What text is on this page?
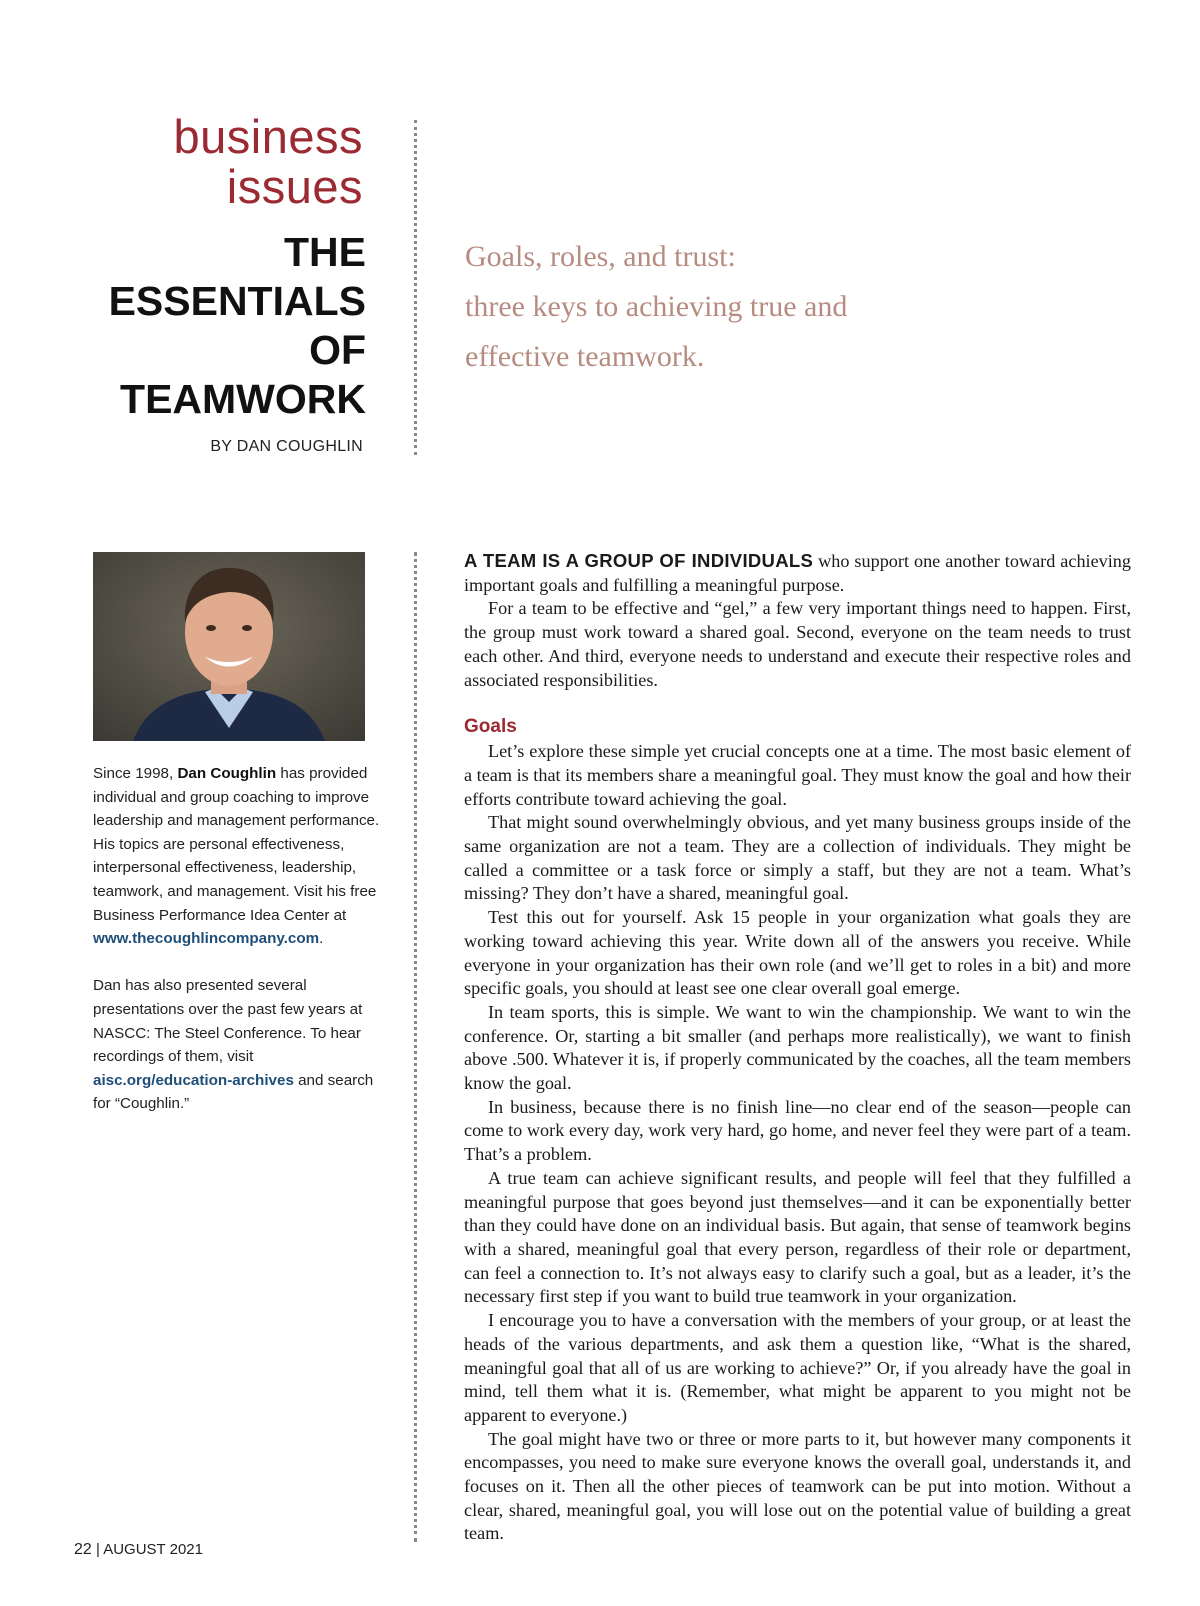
business
issues
THE
ESSENTIALS
OF
TEAMWORK
BY DAN COUGHLIN
Goals, roles, and trust:
three keys to achieving true and
effective teamwork.

Since 1998, Dan Coughlin has provided individual and group coaching to improve leadership and management performance. His topics are personal effectiveness, interpersonal effectiveness, leadership, teamwork, and management. Visit his free Business Performance Idea Center at www.thecoughlincompany.com.

Dan has also presented several presentations over the past few years at NASCC: The Steel Conference. To hear recordings of them, visit aisc.org/education-archives and search for “Coughlin.”

A TEAM IS A GROUP OF INDIVIDUALS who support one another toward achieving important goals and fulfilling a meaningful purpose.

For a team to be effective and “gel,” a few very important things need to happen. First, the group must work toward a shared goal. Second, everyone on the team needs to trust each other. And third, everyone needs to understand and execute their respective roles and associated responsibilities.

Goals

Let’s explore these simple yet crucial concepts one at a time. The most basic element of a team is that its members share a meaningful goal. They must know the goal and how their efforts contribute toward achieving the goal.

That might sound overwhelmingly obvious, and yet many business groups inside of the same organization are not a team. They are a collection of individuals. They might be called a committee or a task force or simply a staff, but they are not a team. What’s missing? They don’t have a shared, meaningful goal.

Test this out for yourself. Ask 15 people in your organization what goals they are working toward achieving this year. Write down all of the answers you receive. While everyone in your organization has their own role (and we’ll get to roles in a bit) and more specific goals, you should at least see one clear overall goal emerge.

In team sports, this is simple. We want to win the championship. We want to win the conference. Or, starting a bit smaller (and perhaps more realistically), we want to finish above .500. Whatever it is, if properly communicated by the coaches, all the team members know the goal.

In business, because there is no finish line—no clear end of the season—people can come to work every day, work very hard, go home, and never feel they were part of a team. That’s a problem.

A true team can achieve significant results, and people will feel that they fulfilled a meaningful purpose that goes beyond just themselves—and it can be exponentially better than they could have done on an individual basis. But again, that sense of teamwork begins with a shared, meaningful goal that every person, regardless of their role or department, can feel a connection to. It’s not always easy to clarify such a goal, but as a leader, it’s the necessary first step if you want to build true teamwork in your organization.

I encourage you to have a conversation with the members of your group, or at least the heads of the various departments, and ask them a question like, “What is the shared, meaningful goal that all of us are working to achieve?” Or, if you already have the goal in mind, tell them what it is. (Remember, what might be apparent to you might not be apparent to everyone.)

The goal might have two or three or more parts to it, but however many components it encompasses, you need to make sure everyone knows the overall goal, understands it, and focuses on it. Then all the other pieces of teamwork can be put into motion. Without a clear, shared, meaningful goal, you will lose out on the potential value of building a great team.

22 | AUGUST 2021
